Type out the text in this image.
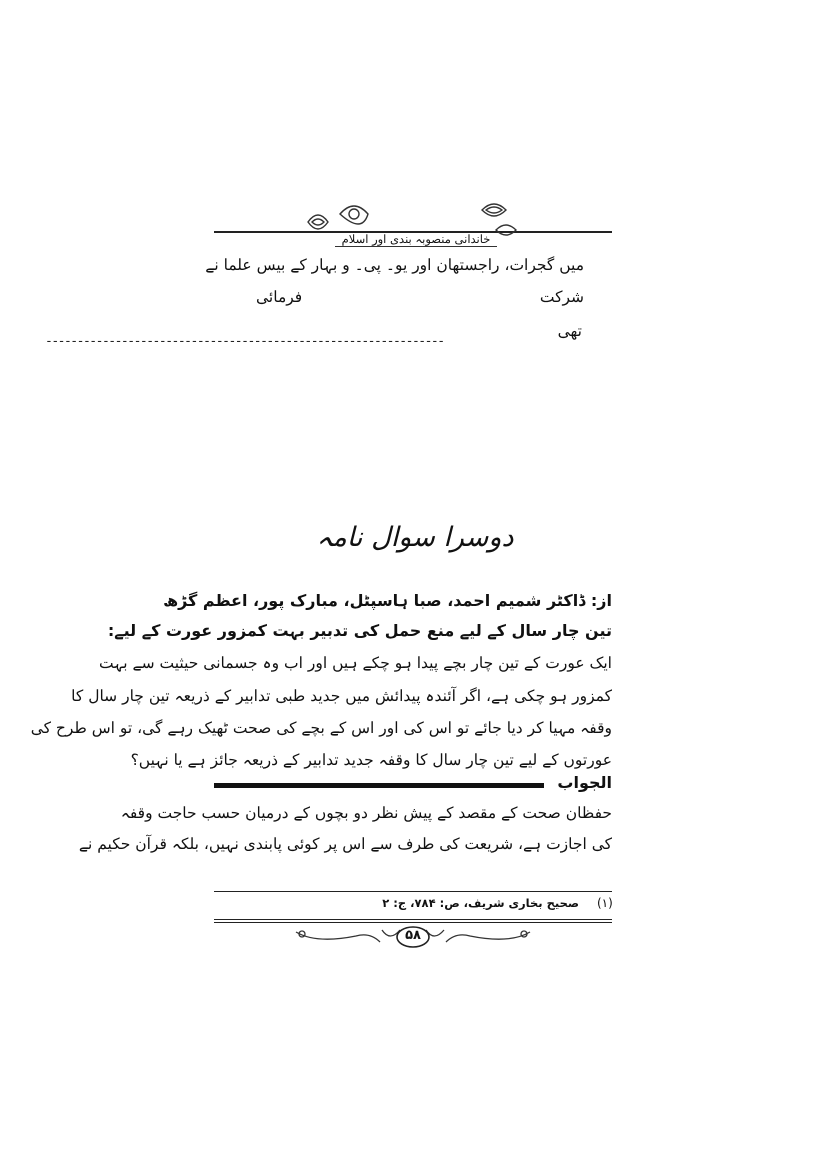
خاندانی منصوبہ بندی اور اسلام
میں گجرات، راجستھان اور یو۔ پی۔ و بہار کے بیس علما نے
شرکت
فرمائی
تھی
---------------------------------------------------------------
دوسرا سوال نامہ
از: ڈاکٹر شمیم احمد، صبا ہاسپٹل، مبارک پور، اعظم گڑھ
تین چار سال کے لیے منع حمل کی تدبیر بہت کمزور عورت کے لیے:
ایک عورت کے تین چار بچے پیدا ہو چکے ہیں اور اب وہ جسمانی حیثیت سے بہت
کمزور ہو چکی ہے، اگر آئندہ پیدائش میں جدید طبی تدابیر کے ذریعہ تین چار سال کا
وقفہ مہیا کر دیا جائے تو اس کی اور اس کے بچے کی صحت ٹھیک رہے گی، تو اس طرح کی
عورتوں کے لیے تین چار سال کا وقفہ جدید تدابیر کے ذریعہ جائز ہے یا نہیں؟
الجواب
حفظان صحت کے مقصد کے پیش نظر دو بچوں کے درمیان حسب حاجت وقفہ
کی اجازت ہے، شریعت کی طرف سے اس پر کوئی پابندی نہیں، بلکہ قرآن حکیم نے
(۱)
صحیح بخاری شریف، ص: ۷۸۴، ج: ۲
۵۸
